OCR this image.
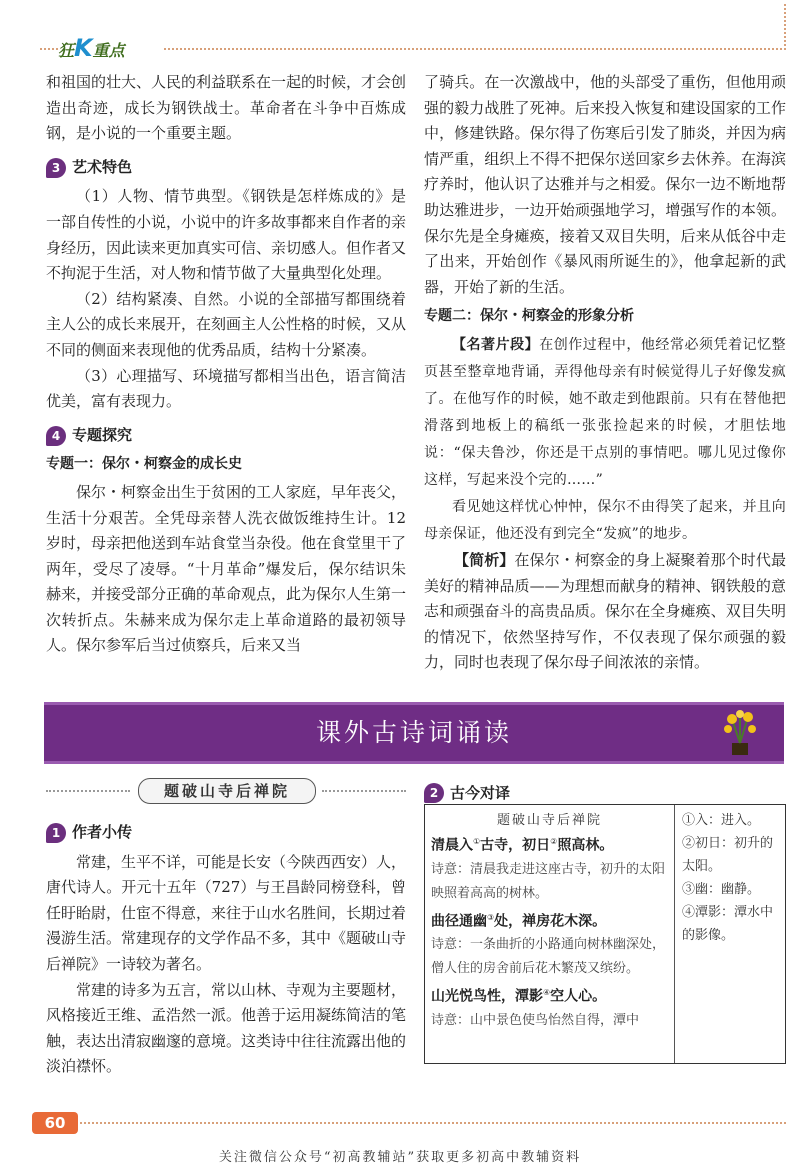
狂K重点

和祖国的壮大、人民的利益联系在一起的时候，才会创造出奇迹，成长为钢铁战士。革命者在斗争中百炼成钢，是小说的一个重要主题。

3 艺术特色

（1）人物、情节典型。《钢铁是怎样炼成的》是一部自传性的小说，小说中的许多故事都来自作者的亲身经历，因此读来更加真实可信、亲切感人。但作者又不拘泥于生活，对人物和情节做了大量典型化处理。

（2）结构紧凑、自然。小说的全部描写都围绕着主人公的成长来展开，在刻画主人公性格的时候，又从不同的侧面来表现他的优秀品质，结构十分紧凑。

（3）心理描写、环境描写都相当出色，语言简洁优美，富有表现力。

4 专题探究
专题一：保尔・柯察金的成长史

保尔・柯察金出生于贫困的工人家庭，早年丧父，生活十分艰苦。全凭母亲替人洗衣做饭维持生计。12岁时，母亲把他送到车站食堂当杂役。他在食堂里干了两年，受尽了凌辱。“十月革命”爆发后，保尔结识朱赫来，并接受部分正确的革命观点，此为保尔人生第一次转折点。朱赫来成为保尔走上革命道路的最初领导人。保尔参军后当过侦察兵，后来又当

了骑兵。在一次激战中，他的头部受了重伤，但他用顽强的毅力战胜了死神。后来投入恢复和建设国家的工作中，修建铁路。保尔得了伤寒后引发了肺炎，并因为病情严重，组织上不得不把保尔送回家乡去休养。在海滨疗养时，他认识了达雅并与之相爱。保尔一边不断地帮助达雅进步，一边开始顽强地学习，增强写作的本领。保尔先是全身瘫痪，接着又双目失明，后来从低谷中走了出来，开始创作《暴风雨所诞生的》，他拿起新的武器，开始了新的生活。

专题二：保尔・柯察金的形象分析

【名著片段】在创作过程中，他经常必须凭着记忆整页甚至整章地背诵，弄得他母亲有时候觉得儿子好像发疯了。在他写作的时候，她不敢走到他跟前。只有在替他把滑落到地板上的稿纸一张张捡起来的时候，才胆怯地说：“保夫鲁沙，你还是干点别的事情吧。哪儿见过像你这样，写起来没个完的……”

看见她这样忧心忡忡，保尔不由得笑了起来，并且向母亲保证，他还没有到完全“发疯”的地步。

【简析】在保尔・柯察金的身上凝聚着那个时代最美好的精神品质——为理想而献身的精神、钢铁般的意志和顽强奋斗的高贵品质。保尔在全身瘫痪、双目失明的情况下，依然坚持写作，不仅表现了保尔顽强的毅力，同时也表现了保尔母子间浓浓的亲情。

课外古诗词诵读
题破山寺后禅院
1 作者小传

常建，生平不详，可能是长安（今陕西西安）人，唐代诗人。开元十五年（727）与王昌龄同榜登科，曾任盱眙尉，仕宦不得意，来往于山水名胜间，长期过着漫游生活。常建现存的文学作品不多，其中《题破山寺后禅院》一诗较为著名。

常建的诗多为五言，常以山林、寺观为主要题材，风格接近王维、孟浩然一派。他善于运用凝练简洁的笔触，表达出清寂幽邃的意境。这类诗中往往流露出他的淡泊襟怀。

2 古今对译
题破山寺后禅院
清晨入①古寺，初日②照高林。
诗意：清晨我走进这座古寺，初升的太阳映照着高高的树林。
曲径通幽③处，禅房花木深。
诗意：一条曲折的小路通向树林幽深处，僧人住的房舍前后花木繁茂又缤纷。
山光悦鸟性，潭影④空人心。
诗意：山中景色使鸟怡然自得，潭中
①入：进入。
②初日：初升的太阳。
③幽：幽静。
④潭影：潭水中的影像。
60
关注微信公众号“初高教辅站”获取更多初高中教辅资料
